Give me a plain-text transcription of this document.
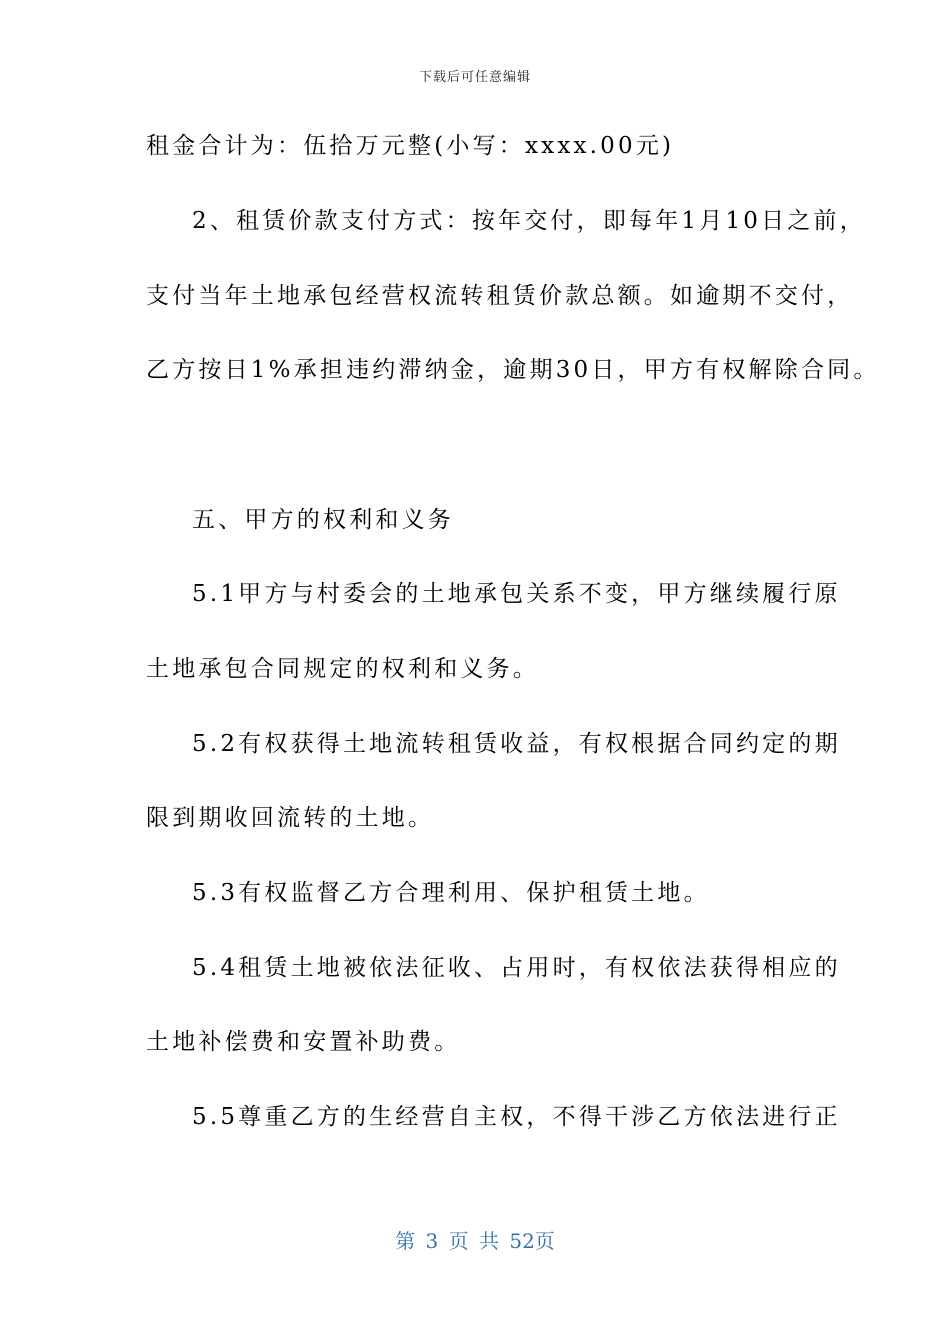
下载后可任意编辑
租金合计为：伍拾万元整(小写：xxxx.00元)
2、租赁价款支付方式：按年交付，即每年1月10日之前，
支付当年土地承包经营权流转租赁价款总额。如逾期不交付，
乙方按日1%承担违约滞纳金，逾期30日，甲方有权解除合同。
五、甲方的权利和义务
5.1甲方与村委会的土地承包关系不变，甲方继续履行原
土地承包合同规定的权利和义务。
5.2有权获得土地流转租赁收益，有权根据合同约定的期
限到期收回流转的土地。
5.3有权监督乙方合理利用、保护租赁土地。
5.4租赁土地被依法征收、占用时，有权依法获得相应的
土地补偿费和安置补助费。
5.5尊重乙方的生经营自主权，不得干涉乙方依法进行正
第 3 页 共 52页
